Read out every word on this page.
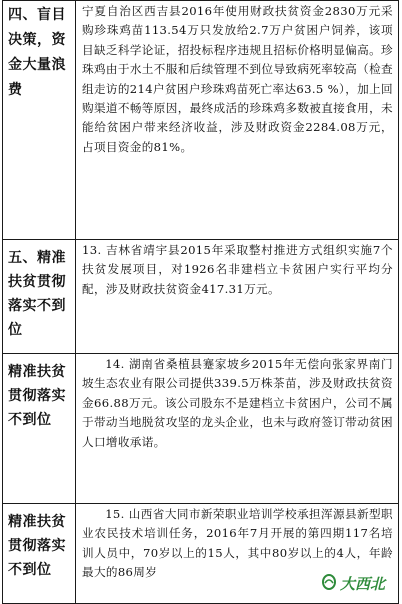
四、盲目决策，资金大量浪费	宁夏自治区西吉县2016年使用财政扶贫资金2830万元采购珍珠鸡苗113.54万只发放给2.7万户贫困户饲养，该项目缺乏科学论证，招投标程序违规且招标价格明显偏高。珍珠鸡由于水土不服和后续管理不到位导致病死率较高（检查组走访的214户贫困户珍珠鸡苗死亡率达63.5 %），加上回购渠道不畅等原因，最终成活的珍珠鸡多数被直接食用，未能给贫困户带来经济收益，涉及财政资金2284.08万元，占项目资金的81%。
五、精准扶贫贯彻落实不到位	13. 吉林省靖宇县2015年采取整村推进方式组织实施7个扶贫发展项目，对1926名非建档立卡贫困户实行平均分配，涉及财政扶贫资金417.31万元。
精准扶贫贯彻落实不到位	14. 湖南省桑植县蹇家坡乡2015年无偿向张家界南门坡生态农业有限公司提供339.5万株茶苗，涉及财政扶贫资金66.88万元。该公司股东不是建档立卡贫困户，公司不属于带动当地脱贫攻坚的龙头企业，也未与政府签订带动贫困人口增收承诺。
精准扶贫贯彻落实不到位	15. 山西省大同市新荣职业培训学校承担浑源县新型职业农民技术培训任务，2016年7月开展的第四期117名培训人员中，70岁以上的15人，其中80岁以上的4人，年龄最大的86周岁
大西北
